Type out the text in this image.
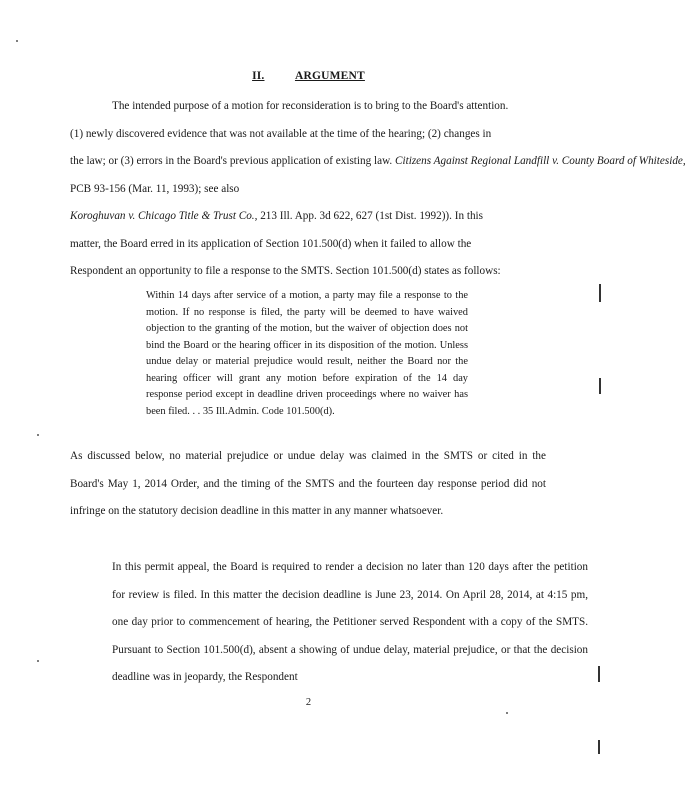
II.	ARGUMENT
The intended purpose of a motion for reconsideration is to bring to the Board's attention.
(1) newly discovered evidence that was not available at the time of the hearing; (2) changes in
the law; or (3) errors in the Board's previous application of existing law. Citizens Against Regional Landfill v. County Board of Whiteside,
PCB 93-156 (Mar. 11, 1993); see also
Koroghuvan v. Chicago Title & Trust Co., 213 Ill. App. 3d 622, 627 (1st Dist. 1992)). In this
matter, the Board erred in its application of Section 101.500(d) when it failed to allow the
Respondent an opportunity to file a response to the SMTS. Section 101.500(d) states as follows:
Within 14 days after service of a motion, a party may file a response to the motion. If no response is filed, the party will be deemed to have waived objection to the granting of the motion, but the waiver of objection does not bind the Board or the hearing officer in its disposition of the motion. Unless undue delay or material prejudice would result, neither the Board nor the hearing officer will grant any motion before expiration of the 14 day response period except in deadline driven proceedings where no waiver has been filed. . . 35 Ill.Admin. Code 101.500(d).
As discussed below, no material prejudice or undue delay was claimed in the SMTS or cited in the Board's May 1, 2014 Order, and the timing of the SMTS and the fourteen day response period did not infringe on the statutory decision deadline in this matter in any manner whatsoever.
In this permit appeal, the Board is required to render a decision no later than 120 days after the petition for review is filed. In this matter the decision deadline is June 23, 2014. On April 28, 2014, at 4:15 pm, one day prior to commencement of hearing, the Petitioner served Respondent with a copy of the SMTS. Pursuant to Section 101.500(d), absent a showing of undue delay, material prejudice, or that the decision deadline was in jeopardy, the Respondent
2
